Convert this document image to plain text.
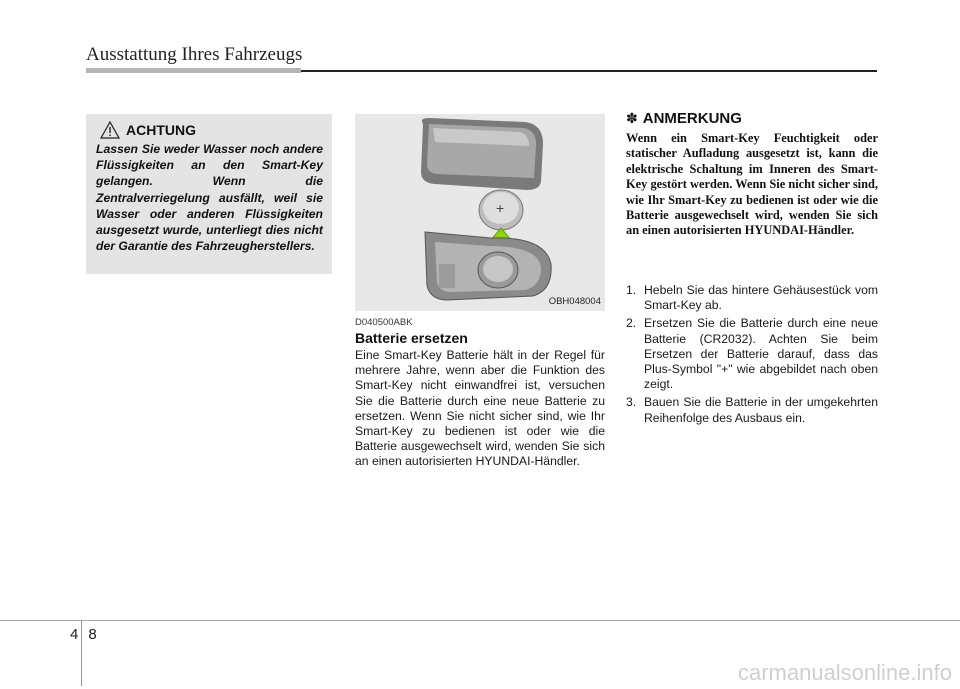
Ausstattung Ihres Fahrzeugs
ACHTUNG
Lassen Sie weder Wasser noch andere Flüssigkeiten an den Smart-Key gelangen. Wenn die Zentralverriegelung ausfällt, weil sie Wasser oder anderen Flüssigkeiten ausgesetzt wurde, unterliegt dies nicht der Garantie des Fahrzeugherstellers.
+
OBH048004
D040500ABK
Batterie ersetzen
Eine Smart-Key Batterie hält in der Regel für mehrere Jahre, wenn aber die Funktion des Smart-Key nicht einwandfrei ist, versuchen Sie die Batterie durch eine neue Batterie zu ersetzen. Wenn Sie nicht sicher sind, wie Ihr Smart-Key zu bedienen ist oder wie die Batterie ausgewechselt wird, wenden Sie sich an einen autorisierten HYUNDAI-Händler.
✽ ANMERKUNG
Wenn ein Smart-Key Feuchtigkeit oder statischer Aufladung ausgesetzt ist, kann die elektrische Schaltung im Inneren des Smart-Key gestört werden. Wenn Sie nicht sicher sind, wie Ihr Smart-Key zu bedienen ist oder wie die Batterie ausgewechselt wird, wenden Sie sich an einen autorisierten HYUNDAI-Händler.
1. Hebeln Sie das hintere Gehäusestück vom Smart-Key ab.
2. Ersetzen Sie die Batterie durch eine neue Batterie (CR2032). Achten Sie beim Ersetzen der Batterie darauf, dass das Plus-Symbol "+" wie abgebildet nach oben zeigt.
3. Bauen Sie die Batterie in der umgekehrten Reihenfolge des Ausbaus ein.
48
carmanualsonline.info
